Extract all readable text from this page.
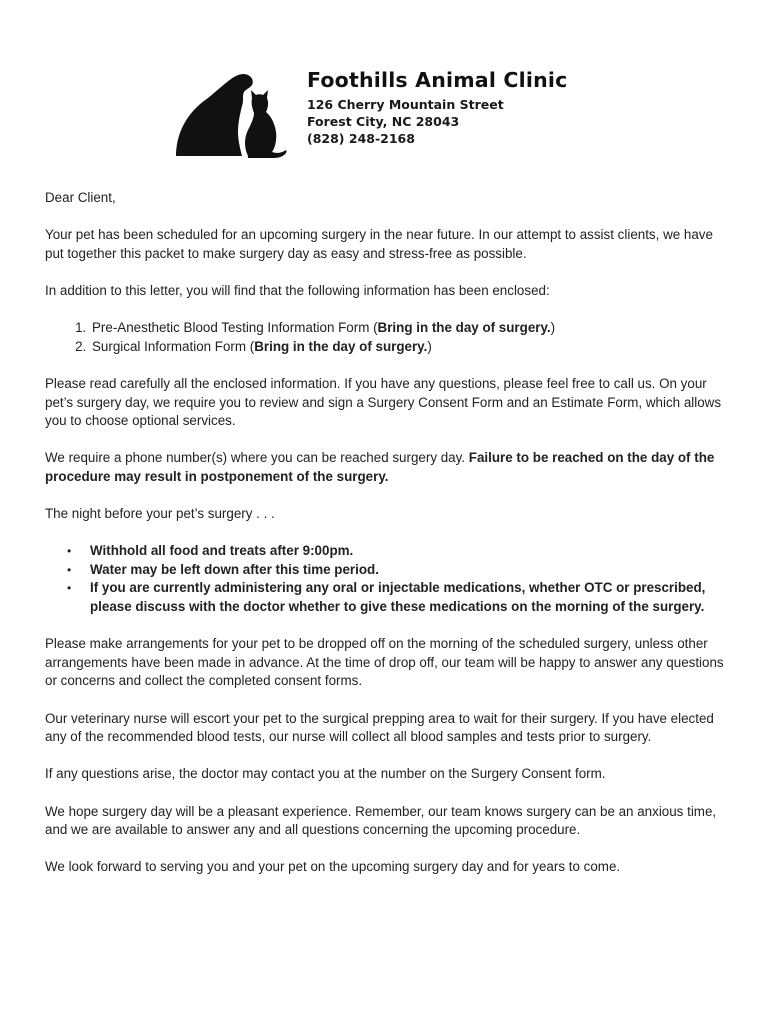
Foothills Animal Clinic

126 Cherry Mountain Street

Forest City, NC 28043

(828) 248-2168

Dear Client,

Your pet has been scheduled for an upcoming surgery in the near future. In our attempt to assist clients, we have put together this packet to make surgery day as easy and stress-free as possible.

In addition to this letter, you will find that the following information has been enclosed:

1. Pre-Anesthetic Blood Testing Information Form (Bring in the day of surgery.)
2. Surgical Information Form (Bring in the day of surgery.)

Please read carefully all the enclosed information. If you have any questions, please feel free to call us. On your pet’s surgery day, we require you to review and sign a Surgery Consent Form and an Estimate Form, which allows you to choose optional services.

We require a phone number(s) where you can be reached surgery day. Failure to be reached on the day of the procedure may result in postponement of the surgery.

The night before your pet’s surgery . . .

• Withhold all food and treats after 9:00pm.
• Water may be left down after this time period.
• If you are currently administering any oral or injectable medications, whether OTC or prescribed, please discuss with the doctor whether to give these medications on the morning of the surgery.

Please make arrangements for your pet to be dropped off on the morning of the scheduled surgery, unless other arrangements have been made in advance. At the time of drop off, our team will be happy to answer any questions or concerns and collect the completed consent forms.

Our veterinary nurse will escort your pet to the surgical prepping area to wait for their surgery. If you have elected any of the recommended blood tests, our nurse will collect all blood samples and tests prior to surgery.

If any questions arise, the doctor may contact you at the number on the Surgery Consent form.

We hope surgery day will be a pleasant experience. Remember, our team knows surgery can be an anxious time, and we are available to answer any and all questions concerning the upcoming procedure.

We look forward to serving you and your pet on the upcoming surgery day and for years to come.
